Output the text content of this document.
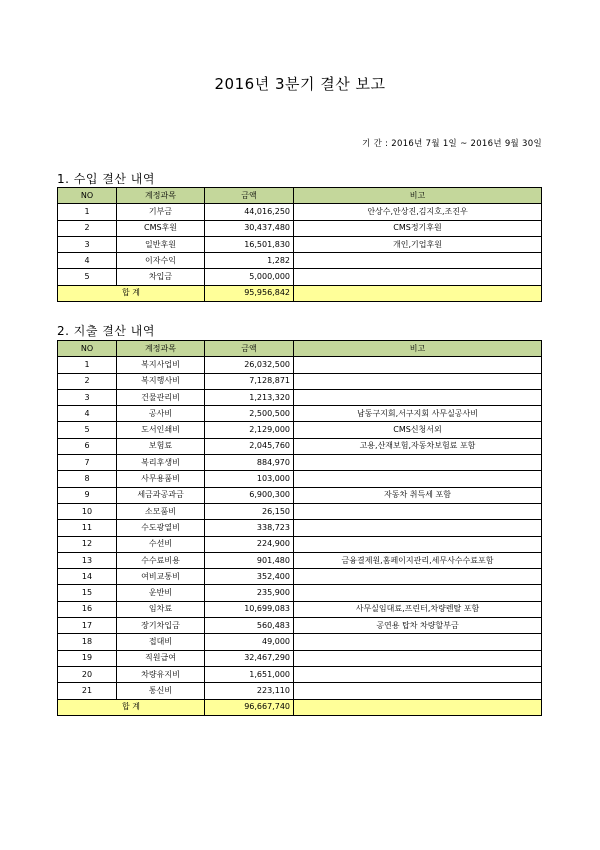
2016년 3분기 결산 보고
기 간 : 2016년 7월 1일 ~ 2016년 9월 30일
1. 수입 결산 내역
NO	계정과목	금액	비고
1	기부금	44,016,250	안상수,안상진,김지호,조진우
2	CMS후원	30,437,480	CMS정기후원
3	일반후원	16,501,830	개인,기업후원
4	이자수익	1,282	
5	차입금	5,000,000	
합 계		95,956,842	
2. 지출 결산 내역
NO	계정과목	금액	비고
1	복지사업비	26,032,500	
2	복지행사비	7,128,871	
3	건물관리비	1,213,320	
4	공사비	2,500,500	남동구지회,서구지회 사무실공사비
5	도서인쇄비	2,129,000	CMS신청서외
6	보험료	2,045,760	고용,산재보험,자동차보험료 포함
7	복리후생비	884,970	
8	사무용품비	103,000	
9	세금과공과금	6,900,300	자동차 취득세 포함
10	소모품비	26,150	
11	수도광열비	338,723	
12	수선비	224,900	
13	수수료비용	901,480	금융결제원,홈페이지관리,세무사수수료포함
14	여비교통비	352,400	
15	운반비	235,900	
16	임차료	10,699,083	사무실임대료,프린터,차량렌탈 포함
17	장기차입금	560,483	공연용 탑차 차량할부금
18	접대비	49,000	
19	직원급여	32,467,290	
20	차량유지비	1,651,000	
21	통신비	223,110	
합 계		96,667,740	
